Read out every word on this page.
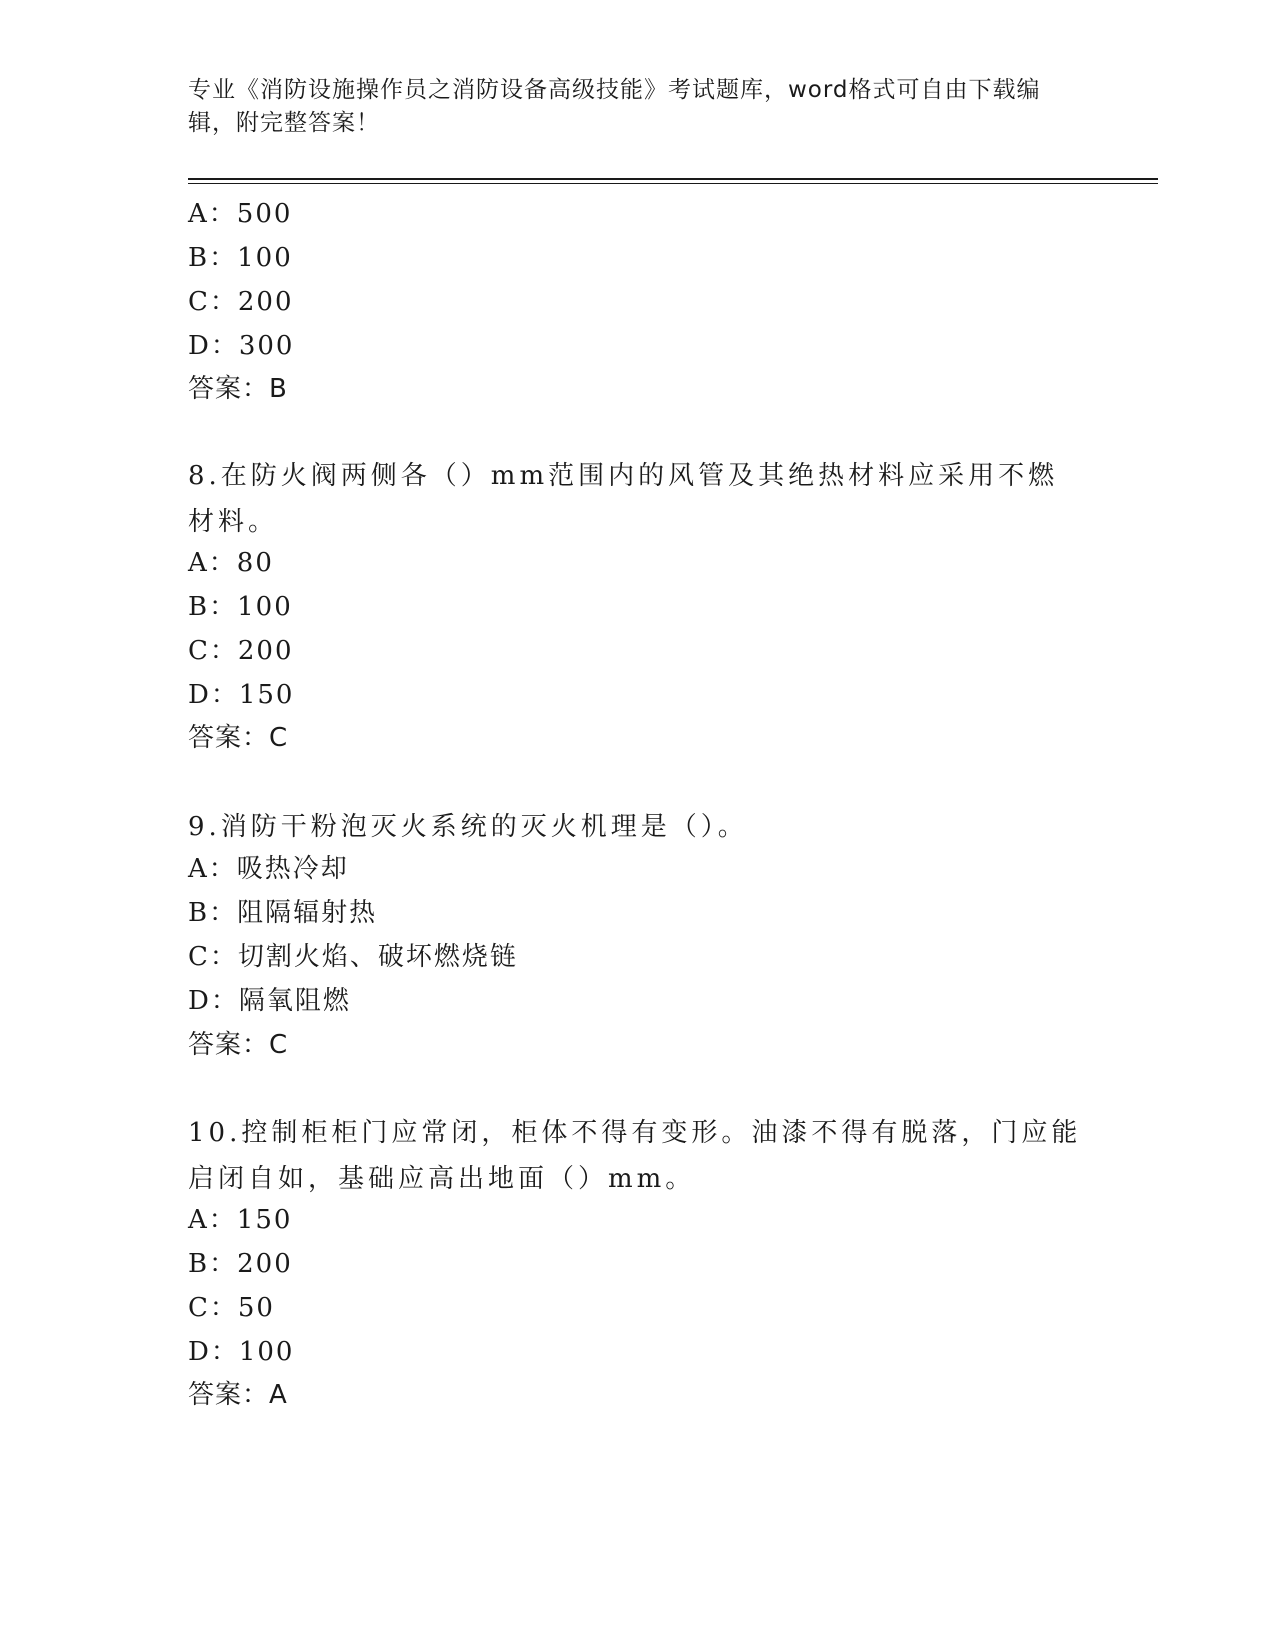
专业《消防设施操作员之消防设备高级技能》考试题库，word格式可自由下载编辑，附完整答案！
A：500
B：100
C：200
D：300
答案：B
8.在防火阀两侧各（）mm范围内的风管及其绝热材料应采用不燃材料。
A：80
B：100
C：200
D：150
答案：C
9.消防干粉泡灭火系统的灭火机理是（）。
A：吸热冷却
B：阻隔辐射热
C：切割火焰、破坏燃烧链
D：隔氧阻燃
答案：C
10.控制柜柜门应常闭，柜体不得有变形。油漆不得有脱落，门应能启闭自如，基础应高出地面（）mm。
A：150
B：200
C：50
D：100
答案：A
